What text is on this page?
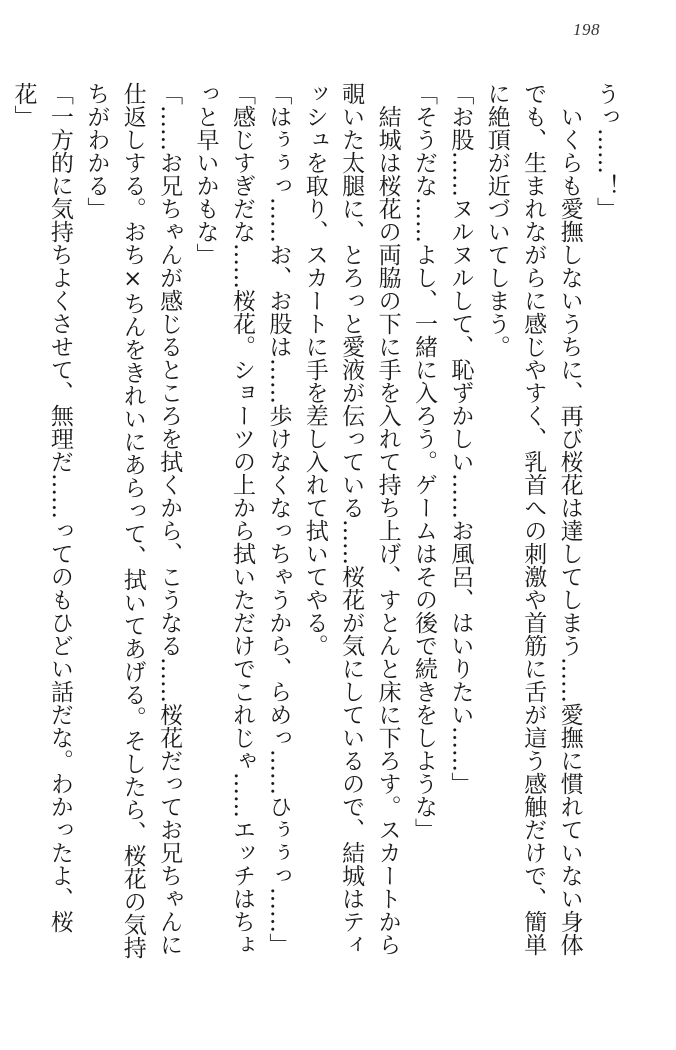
198

うっ……！」

いくらも愛撫しないうちに、再び桜花は達してしまう……愛撫に慣れていない身体

でも、生まれながらに感じやすく、乳首への刺激や首筋に舌が這う感触だけで、簡単

に絶頂が近づいてしまう。

「お股……ヌルヌルして、恥ずかしい……お風呂、はいりたい……」

「そうだな……よし、一緒に入ろう。ゲームはその後で続きをしような」

結城は桜花の両脇の下に手を入れて持ち上げ、すとんと床に下ろす。スカートから

覗いた太腿に、とろっと愛液が伝っている……桜花が気にしているので、結城はティ

ッシュを取り、スカートに手を差し入れて拭いてやる。

「はぅぅっ……お、お股は……歩けなくなっちゃうから、らめっ……ひぅぅっ……」

「感じすぎだな……桜花。ショーツの上から拭いただけでこれじゃ……エッチはちょ

っと早いかもな」

「……お兄ちゃんが感じるところを拭くから、こうなる……桜花だってお兄ちゃんに

仕返しする。おち×ちんをきれいにあらって、拭いてあげる。そしたら、桜花の気持

ちがわかる」

「一方的に気持ちよくさせて、無理だ……ってのもひどい話だな。わかったよ、桜

花」
